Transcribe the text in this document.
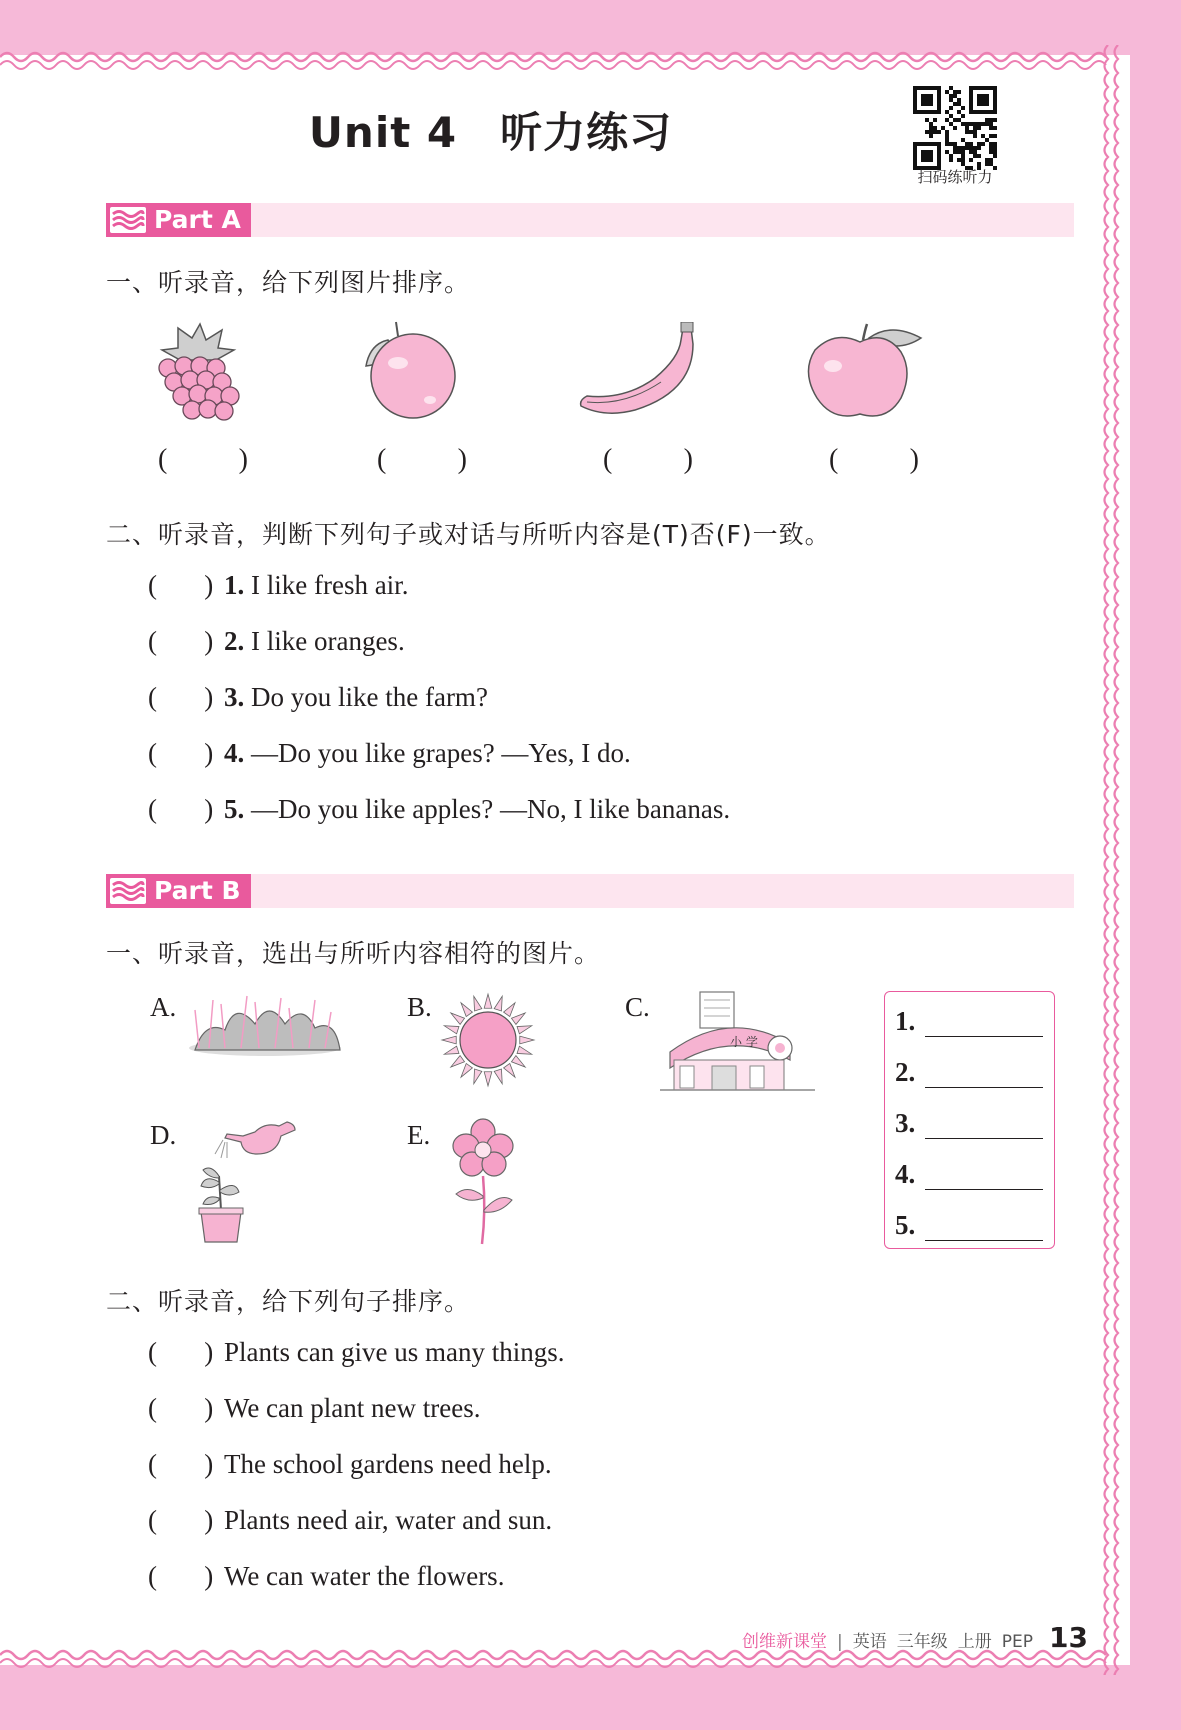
Unit 4　听力练习
扫码练听力
Part A
一、听录音，给下列图片排序。
(	)	(	)	(	)	(	)
二、听录音，判断下列句子或对话与所听内容是(T)否(F)一致。
(       ) 1. I like fresh air.
(       ) 2. I like oranges.
(       ) 3. Do you like the farm?
(       ) 4. —Do you like grapes? —Yes, I do.
(       ) 5. —Do you like apples? —No, I like bananas.
Part B
一、听录音，选出与所听内容相符的图片。
A.	B.	C.
小 学
D.	E.
1.
2.
3.
4.
5.
二、听录音，给下列句子排序。
(       ) Plants can give us many things.
(       ) We can plant new trees.
(       ) The school gardens need help.
(       ) Plants need air, water and sun.
(       ) We can water the flowers.
创维新课堂 | 英语 三年级 上册 PEP 13
